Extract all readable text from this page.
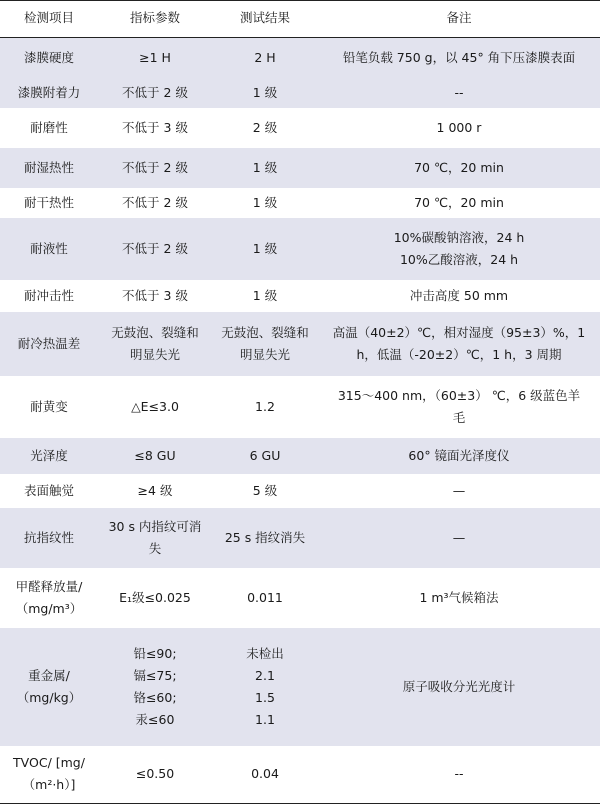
检测项目	指标参数	测试结果	备注

漆膜硬度	≥1 H	2 H	铅笔负载 750 g，以 45° 角下压漆膜表面

漆膜附着力	不低于 2 级	1 级	--

耐磨性	不低于 3 级	2 级	1 000 r

耐湿热性	不低于 2 级	1 级	70 ℃，20 min

耐干热性	不低于 2 级	1 级	70 ℃，20 min

耐液性	不低于 2 级	1 级	10%碳酸钠溶液，24 h
10%乙酸溶液，24 h

耐冲击性	不低于 3 级	1 级	冲击高度 50 mm

耐冷热温差	无鼓泡、裂缝和
明显失光	无鼓泡、裂缝和
明显失光	高温（40±2）℃，相对湿度（95±3）%，1
h，低温（-20±2）℃，1 h，3 周期

耐黄变	△E≤3.0	1.2	315～400 nm，（60±3） ℃，6 级蓝色羊
毛

光泽度	≤8 GU	6 GU	60° 镜面光泽度仪

表面触觉	≥4 级	5 级	—

抗指纹性	30 s 内指纹可消
失	25 s 指纹消失	—

甲醛释放量/
（mg/m³）	E₁级≤0.025	0.011	1 m³气候箱法

重金属/
（mg/kg）	铅≤90;
镉≤75;
铬≤60;
汞≤60	未检出
2.1
1.5
1.1	原子吸收分光光度计

TVOC/ [mg/
（m²·h）]	≤0.50	0.04	--
